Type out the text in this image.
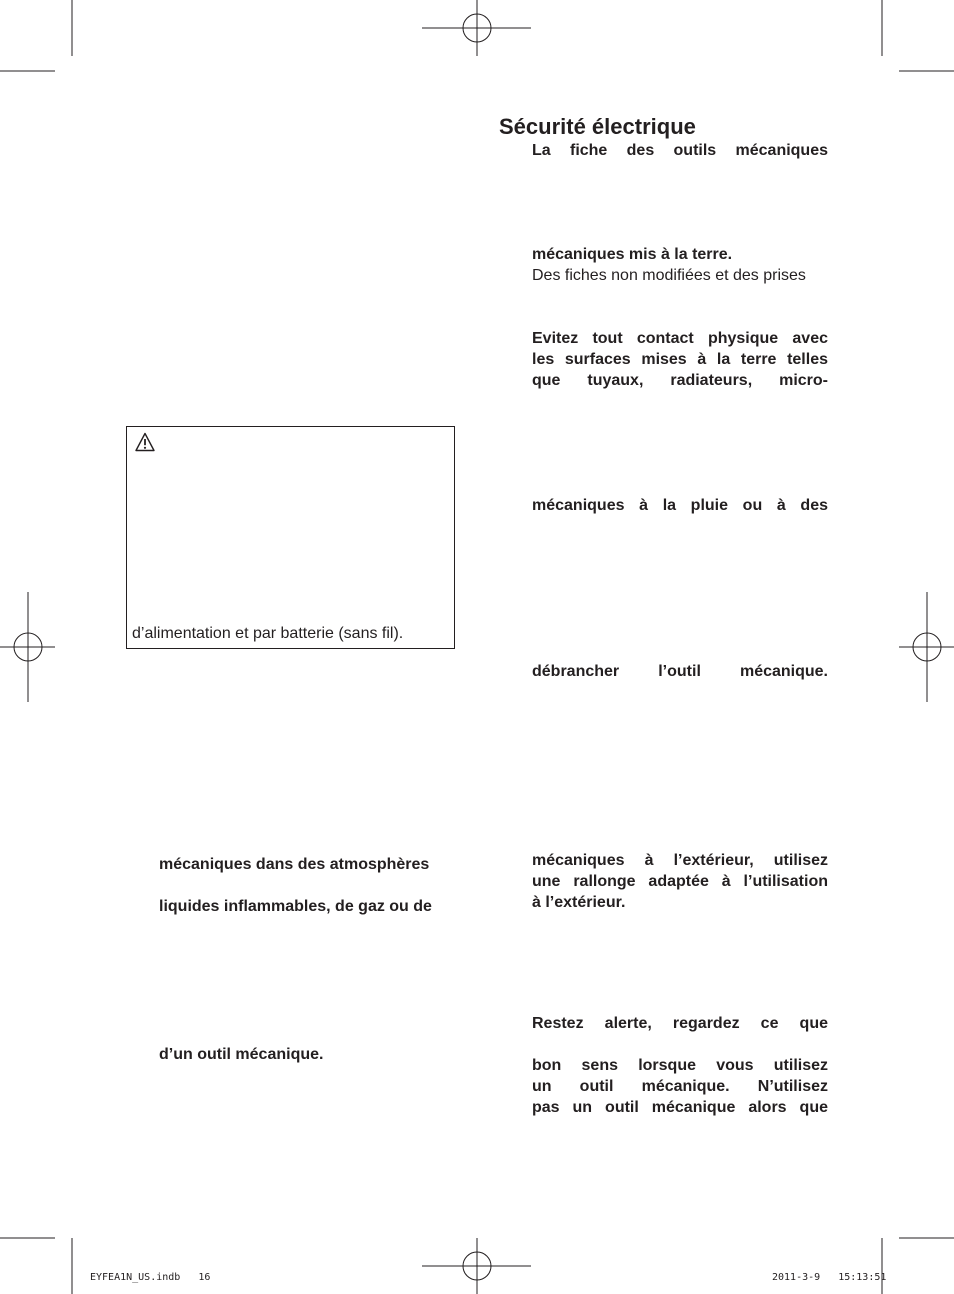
Sécurité électrique
La fiche des outils mécaniques
mécaniques mis à la terre.
Des fiches non modifiées et des prises
Evitez tout contact physique avec
les surfaces mises à la terre telles
que tuyaux, radiateurs, micro-
mécaniques à la pluie ou à des
débrancher l’outil mécanique.
mécaniques à l’extérieur, utilisez
une rallonge adaptée à l’utilisation
à l’extérieur.
Restez alerte, regardez ce que
bon sens lorsque vous utilisez
un outil mécanique. N’utilisez
pas un outil mécanique alors que
d’alimentation et par batterie (sans fil).
mécaniques dans des atmosphères
liquides inflammables, de gaz ou de
d’un outil mécanique.
EYFEA1N_US.indb   16	2011-3-9   15:13:51
